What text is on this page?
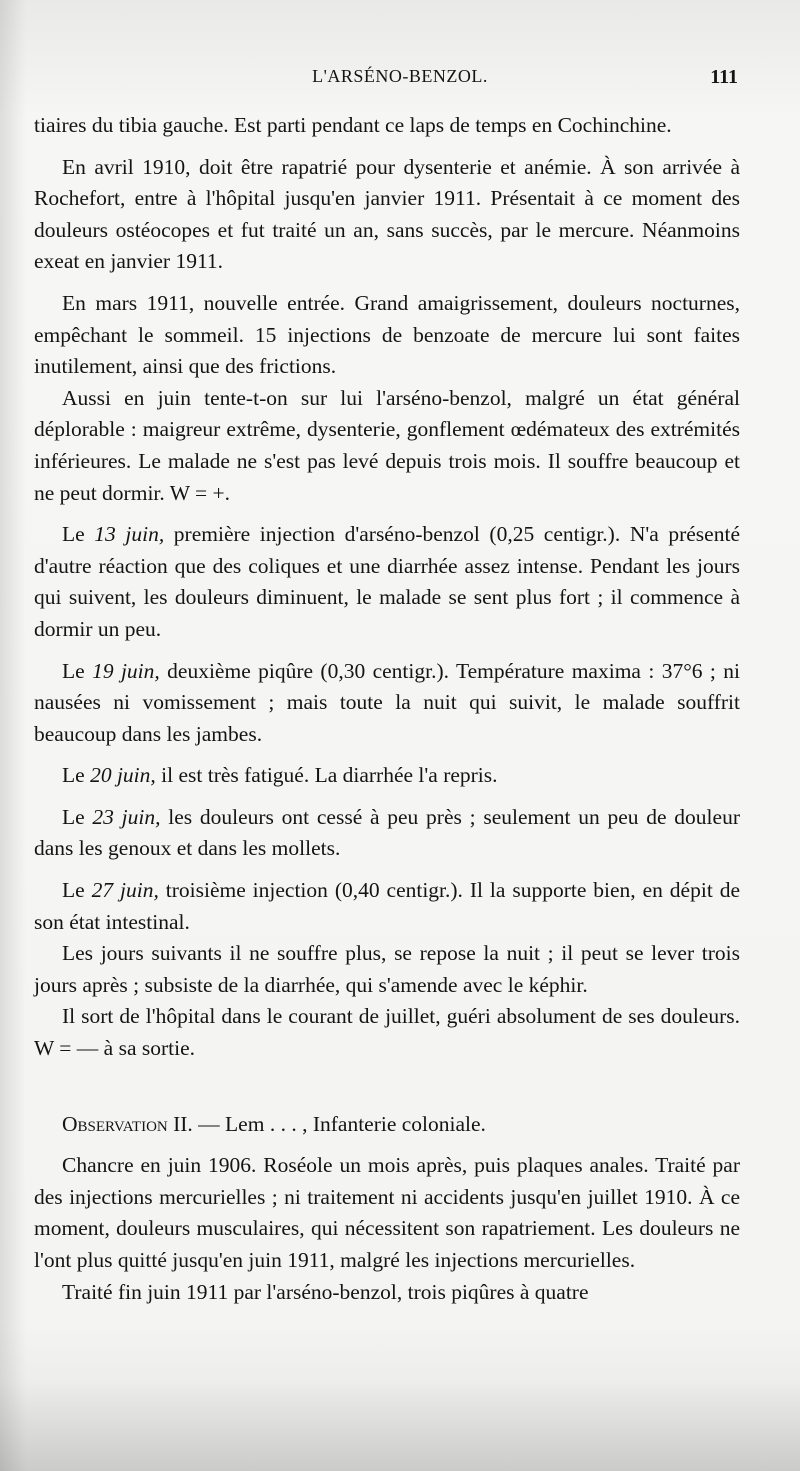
L'ARSÉNO-BENZOL.	111

tiaires du tibia gauche. Est parti pendant ce laps de temps en Cochinchine.

En avril 1910, doit être rapatrié pour dysenterie et anémie. À son arrivée à Rochefort, entre à l'hôpital jusqu'en janvier 1911. Présentait à ce moment des douleurs ostéocopes et fut traité un an, sans succès, par le mercure. Néanmoins exeat en janvier 1911.

En mars 1911, nouvelle entrée. Grand amaigrissement, douleurs nocturnes, empêchant le sommeil. 15 injections de benzoate de mercure lui sont faites inutilement, ainsi que des frictions.

Aussi en juin tente-t-on sur lui l'arséno-benzol, malgré un état général déplorable : maigreur extrême, dysenterie, gonflement œdémateux des extrémités inférieures. Le malade ne s'est pas levé depuis trois mois. Il souffre beaucoup et ne peut dormir. W = +.

Le 13 juin, première injection d'arséno-benzol (0,25 centigr.). N'a présenté d'autre réaction que des coliques et une diarrhée assez intense. Pendant les jours qui suivent, les douleurs diminuent, le malade se sent plus fort ; il commence à dormir un peu.

Le 19 juin, deuxième piqûre (0,30 centigr.). Température maxima : 37°6 ; ni nausées ni vomissement ; mais toute la nuit qui suivit, le malade souffrit beaucoup dans les jambes.

Le 20 juin, il est très fatigué. La diarrhée l'a repris.

Le 23 juin, les douleurs ont cessé à peu près ; seulement un peu de douleur dans les genoux et dans les mollets.

Le 27 juin, troisième injection (0,40 centigr.). Il la supporte bien, en dépit de son état intestinal.

Les jours suivants il ne souffre plus, se repose la nuit ; il peut se lever trois jours après ; subsiste de la diarrhée, qui s'amende avec le képhir.

Il sort de l'hôpital dans le courant de juillet, guéri absolument de ses douleurs. W = — à sa sortie.

Observation II. — Lem . . . , Infanterie coloniale.

Chancre en juin 1906. Roséole un mois après, puis plaques anales. Traité par des injections mercurielles ; ni traitement ni accidents jusqu'en juillet 1910. À ce moment, douleurs musculaires, qui nécessitent son rapatriement. Les douleurs ne l'ont plus quitté jusqu'en juin 1911, malgré les injections mercurielles.

Traité fin juin 1911 par l'arséno-benzol, trois piqûres à quatre
